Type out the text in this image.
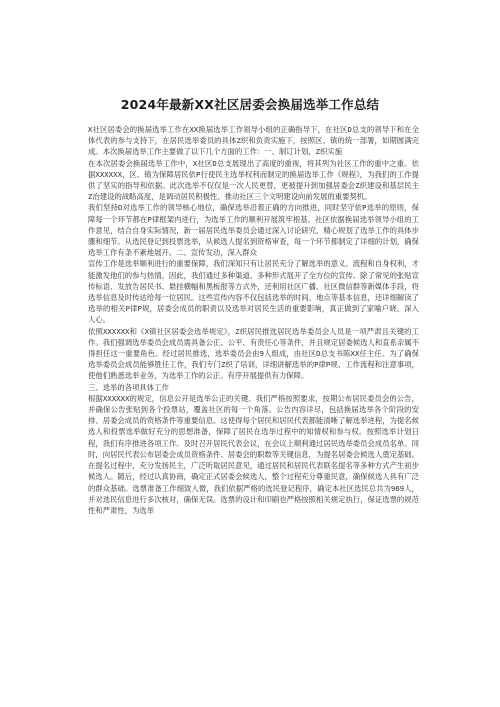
2024年最新XX社区居委会换届选举工作总结

X社区居委会的换届选举工作在XX换届选举工作领导小组的正确指导下，在社区D总支的领导下和在全体代表的参与支持下，在居民选举委员的具体Z织和负责实施下，按照区、镇的统一部署，如期圆满完成。本次换届选举工作主要做了以下几个方面的工作：一、制订计划，Z织实施

在本次居委会换届选举工作中，X社区D总支展现出了高度的重视，将其列为社区工作的重中之重。依据XXXXXX，区、镇为保障居民依P行使民主选举权利而制定的换届选举工作《规程》，为我们的工作提供了坚实的指导和依据。此次选举不仅仅是一次人民更替，更被提升到加强居委会Z织建设和基层民主Z治建设的战略高度，是调动居民积极性、推动社区三个文明建设向前发展的重要契机。

我们坚持D对选举工作的领导核心地位，确保选举沿着正确的方向推进，同时坚守依P选举的原则，保障每一个环节都在P律框架内进行，为选举工作的顺利开展筑牢根基。社区依据换届选举领导小组的工作意见，结合自身实际情况，新一届居民选举委员会通过深入讨论研究，精心规划了选举工作的具体步骤和细节。从选民登记到投票选举，从候选人提名到资格审查，每一个环节都制定了详细的计划，确保选举工作有条不紊地展开。二、宣传发动，深入群众

宣传工作是选举顺利进行的重要保障，我们深知只有让居民充分了解选举的意义、流程和自身权利，才能激发他们的参与热情。因此，我们通过多种渠道、多种形式展开了全方位的宣传。除了常见的张贴宣传标语、发放告居民书、悬挂横幅和黑板报等方式外，还利用社区广播、社区微信群等新媒体手段，将选举信息及时传达给每一位居民。这些宣传内容不仅包括选举的时间、地点等基本信息，还详细解读了选举的相关P律P规，居委会成员的职责以及选举对居民生活的重要影响，真正做到了家喻户晓、深入人心。

依照XXXXXX和《X镇社区居委会选举规定》，Z织居民推选居民选举委员会人员是一项严肃且关键的工作。我们强调选举委员会成员需具备公正、公平、有责任心等条件，并且规定居委候选人和直系亲属不得担任这一重要角色。经过居民推选，选举委员会由9人组成，由社区D总支书陈XX任主任。为了确保选举委员会成员能够胜任工作，我们专门Z织了培训，详细讲解选举的P律P规、工作流程和注意事项，使他们熟悉选举业务，为选举工作的公正、有序开展提供有力保障。

三、选举的各项具体工作

根据XXXXXX的规定，信息公开是选举公正的关键。我们严格按照要求，按期公布居民委员会的公告，并确保公告张贴到各个投票站，覆盖社区的每一个角落。公告内容详尽，包括换届选举各个阶段的安排、居委会成员的资格条件等重要信息。这使得每个居民和居民代表都能清晰了解选举进程，为提名候选人和投票选举做好充分的思想准备，保障了居民在选举过程中的知情权和参与权。按照选举计划日程，我们有序推进各项工作。及时召开居民代表会议，在会议上顺利通过居民选举委员会成员名单。同时，向居民代表公布居委会成员资格条件、居委会的职数等关键信息，为提名居委会候选人奠定基础。在提名过程中，充分发扬民主，广泛听取居民意见，通过居民和居民代表联名提名等多种方式产生初步候选人。随后，经过认真协商，确定正式居委会候选人，整个过程充分尊重民意，确保候选人具有广泛的群众基础。选票准备工作细致入微，我们依据严格的选民登记程序，确定本社区选民总共为969人，并对选民信息进行多次核对，确保无误。选票的设计和印刷也严格按照相关规定执行，保证选票的规范性和严肃性，为选举
